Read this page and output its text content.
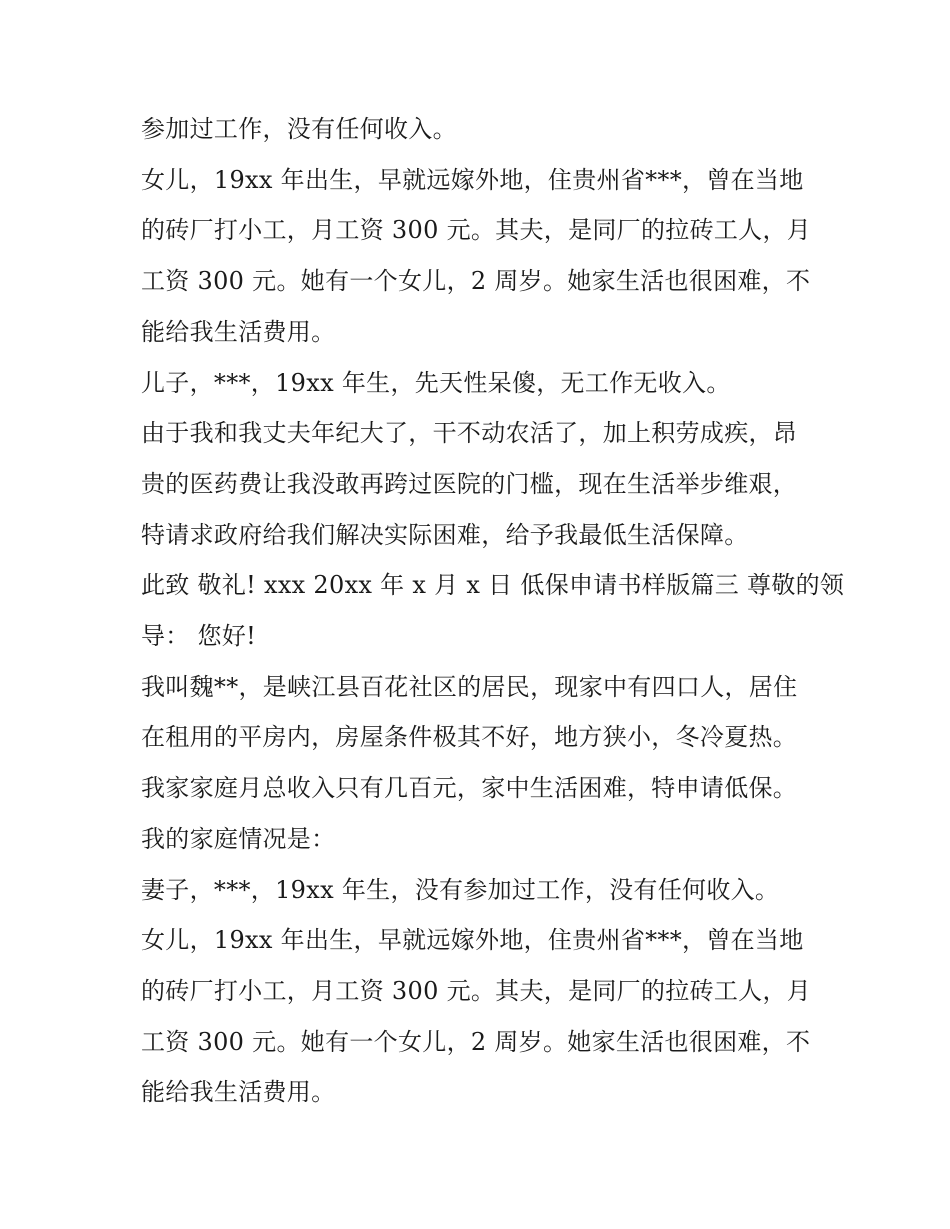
参加过工作，没有任何收入。

女儿，19xx 年出生，早就远嫁外地，住贵州省***，曾在当地

的砖厂打小工，月工资 300 元。其夫，是同厂的拉砖工人，月

工资 300 元。她有一个女儿，2 周岁。她家生活也很困难，不

能给我生活费用。

儿子，***，19xx 年生，先天性呆傻，无工作无收入。

由于我和我丈夫年纪大了，干不动农活了，加上积劳成疾，昂

贵的医药费让我没敢再跨过医院的门槛，现在生活举步维艰，

特请求政府给我们解决实际困难，给予我最低生活保障。

此致 敬礼! xxx 20xx 年 x 月 x 日 低保申请书样版篇三 尊敬的领

导： 您好!

我叫魏**，是峡江县百花社区的居民，现家中有四口人，居住

在租用的平房内，房屋条件极其不好，地方狭小，冬冷夏热。

我家家庭月总收入只有几百元，家中生活困难，特申请低保。

我的家庭情况是：

妻子，***，19xx 年生，没有参加过工作，没有任何收入。

女儿，19xx 年出生，早就远嫁外地，住贵州省***，曾在当地

的砖厂打小工，月工资 300 元。其夫，是同厂的拉砖工人，月

工资 300 元。她有一个女儿，2 周岁。她家生活也很困难，不

能给我生活费用。
